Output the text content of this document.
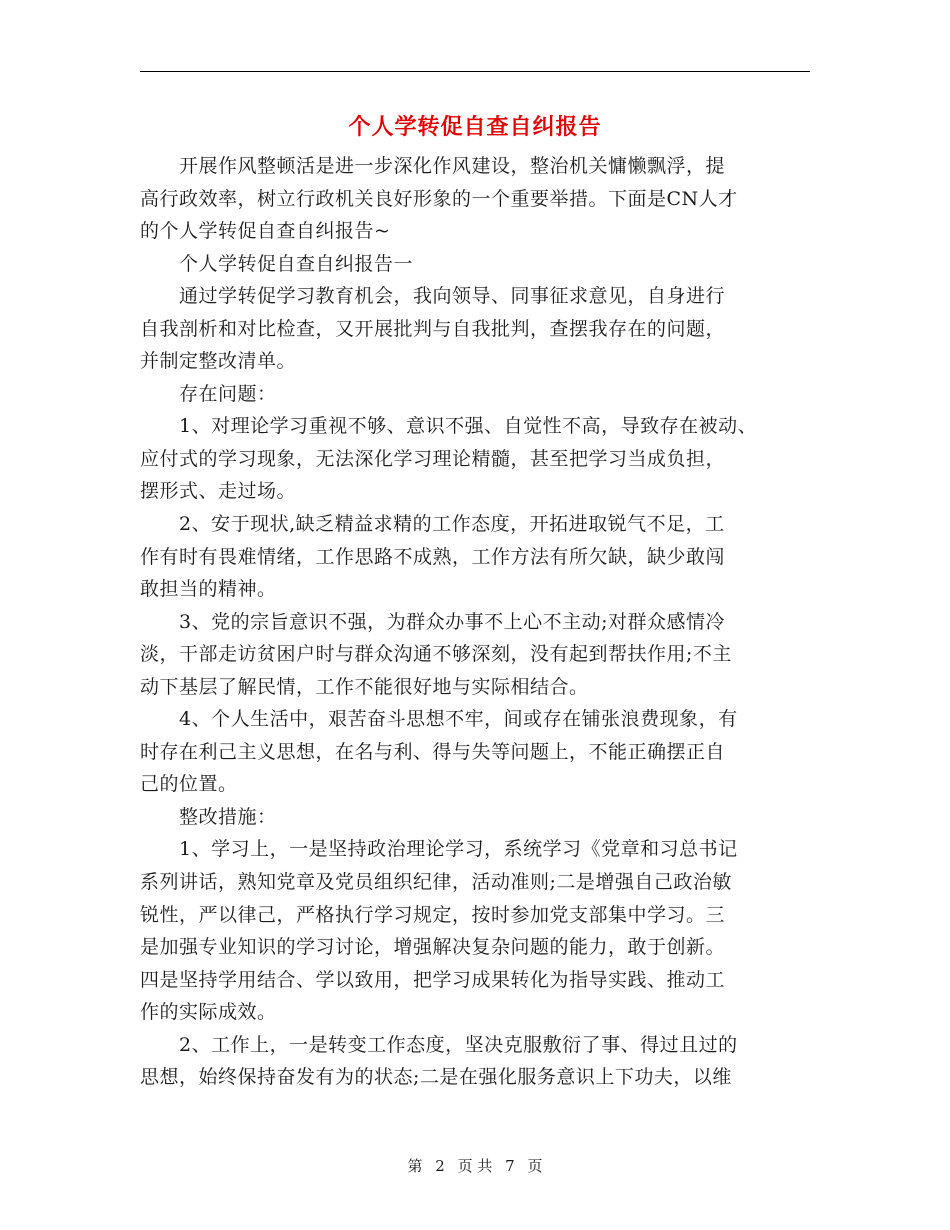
个人学转促自查自纠报告
　　开展作风整顿活是进一步深化作风建设，整治机关慵懒飘浮，提
高行政效率，树立行政机关良好形象的一个重要举措。下面是CN人才
的个人学转促自查自纠报告~
　　个人学转促自查自纠报告一
　　通过学转促学习教育机会，我向领导、同事征求意见，自身进行
自我剖析和对比检查，又开展批判与自我批判，查摆我存在的问题，
并制定整改清单。
　　存在问题：
　　1、对理论学习重视不够、意识不强、自觉性不高，导致存在被动、
应付式的学习现象，无法深化学习理论精髓，甚至把学习当成负担，
摆形式、走过场。
　　2、安于现状,缺乏精益求精的工作态度，开拓进取锐气不足，工
作有时有畏难情绪，工作思路不成熟，工作方法有所欠缺，缺少敢闯
敢担当的精神。
　　3、党的宗旨意识不强，为群众办事不上心不主动;对群众感情冷
淡，干部走访贫困户时与群众沟通不够深刻，没有起到帮扶作用;不主
动下基层了解民情，工作不能很好地与实际相结合。
　　4、个人生活中，艰苦奋斗思想不牢，间或存在铺张浪费现象，有
时存在利己主义思想，在名与利、得与失等问题上，不能正确摆正自
己的位置。
　　整改措施：
　　1、学习上，一是坚持政治理论学习，系统学习《党章和习总书记
系列讲话，熟知党章及党员组织纪律，活动准则;二是增强自己政治敏
锐性，严以律己，严格执行学习规定，按时参加党支部集中学习。三
是加强专业知识的学习讨论，增强解决复杂问题的能力，敢于创新。
四是坚持学用结合、学以致用，把学习成果转化为指导实践、推动工
作的实际成效。
　　2、工作上，一是转变工作态度，坚决克服敷衍了事、得过且过的
思想，始终保持奋发有为的状态;二是在强化服务意识上下功夫，以维
第 2 页 共 7 页
